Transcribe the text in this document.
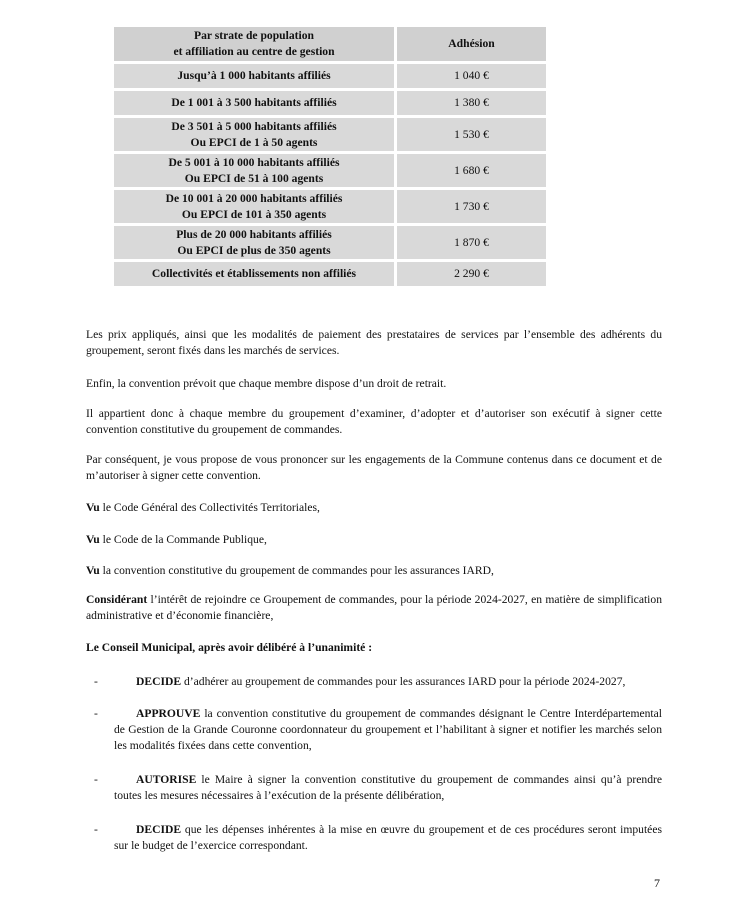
Par strate de population
et affiliation au centre de gestion
Adhésion
Jusqu’à 1 000 habitants affiliés	1 040 €
De 1 001 à 3 500 habitants affiliés	1 380 €
De 3 501 à 5 000 habitants affiliés
Ou EPCI de 1 à 50 agents
1 530 €
De 5 001 à 10 000 habitants affiliés
Ou EPCI de 51 à 100 agents
1 680 €
De 10 001 à 20 000 habitants affiliés
Ou EPCI de 101 à 350 agents
1 730 €
Plus de 20 000 habitants affiliés
Ou EPCI de plus de 350 agents
1 870 €
Collectivités et établissements non affiliés	2 290 €

Les prix appliqués, ainsi que les modalités de paiement des prestataires de services par l’ensemble des adhérents du groupement, seront fixés dans les marchés de services.

Enfin, la convention prévoit que chaque membre dispose d’un droit de retrait.

Il appartient donc à chaque membre du groupement d’examiner, d’adopter et d’autoriser son exécutif à signer cette convention constitutive du groupement de commandes.

Par conséquent, je vous propose de vous prononcer sur les engagements de la Commune contenus dans ce document et de m’autoriser à signer cette convention.

Vu le Code Général des Collectivités Territoriales,

Vu le Code de la Commande Publique,

Vu la convention constitutive du groupement de commandes pour les assurances IARD,

Considérant l’intérêt de rejoindre ce Groupement de commandes, pour la période 2024-2027, en matière de simplification administrative et d’économie financière,

Le Conseil Municipal, après avoir délibéré à l’unanimité :

-	DECIDE d’adhérer au groupement de commandes pour les assurances IARD pour la période 2024-2027,
-	APPROUVE la convention constitutive du groupement de commandes désignant le Centre Interdépartemental de Gestion de la Grande Couronne coordonnateur du groupement et l’habilitant à signer et notifier les marchés selon les modalités fixées dans cette convention,
-	AUTORISE le Maire à signer la convention constitutive du groupement de commandes ainsi qu’à prendre toutes les mesures nécessaires à l’exécution de la présente délibération,
-	DECIDE que les dépenses inhérentes à la mise en œuvre du groupement et de ces procédures seront imputées sur le budget de l’exercice correspondant.
7
